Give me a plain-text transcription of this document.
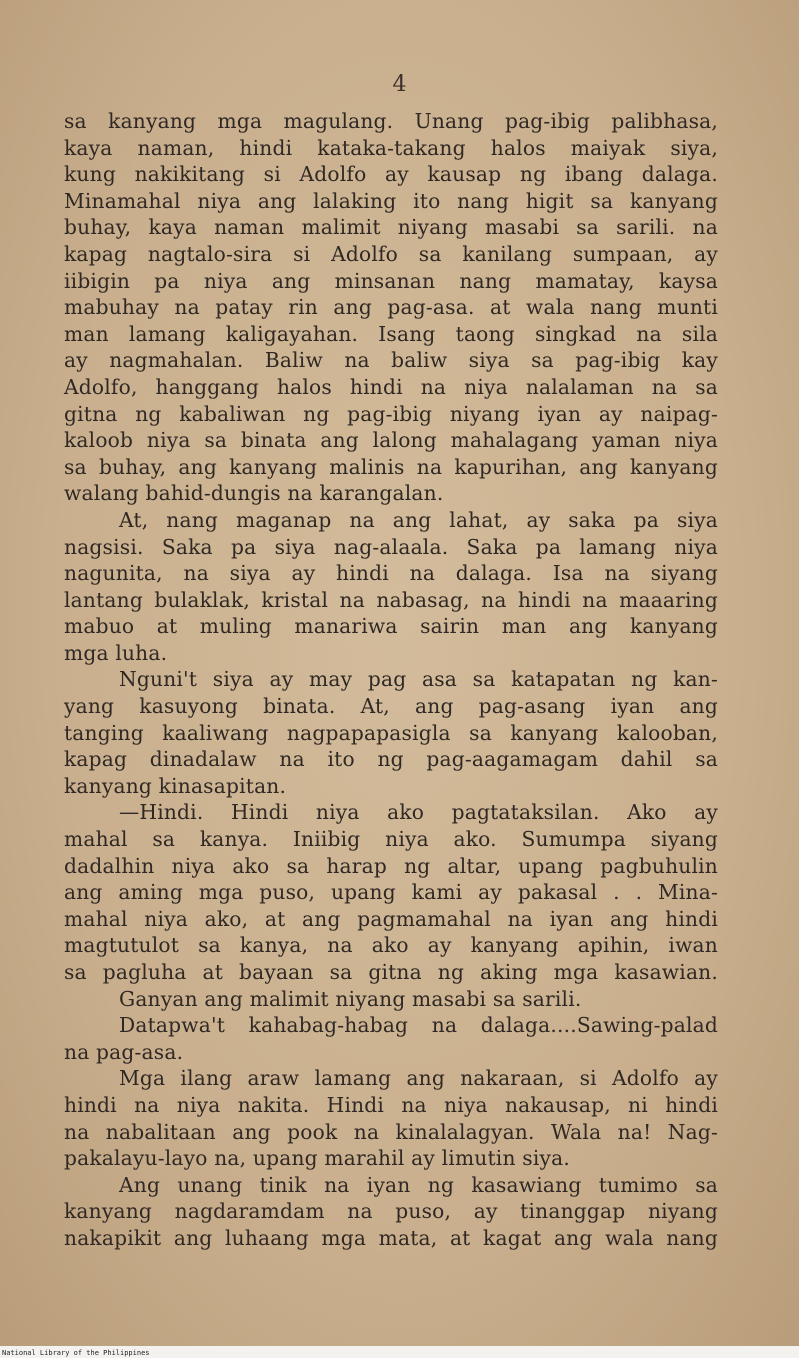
4
sa kanyang mga magulang. Unang pag-ibig palibhasa,
kaya naman, hindi kataka-takang halos maiyak siya,
kung nakikitang si Adolfo ay kausap ng ibang dalaga.
Minamahal niya ang lalaking ito nang higit sa kanyang
buhay, kaya naman malimit niyang masabi sa sarili. na
kapag nagtalo-sira si Adolfo sa kanilang sumpaan, ay
iibigin pa niya ang minsanan nang mamatay, kaysa
mabuhay na patay rin ang pag-asa. at wala nang munti
man lamang kaligayahan. Isang taong singkad na sila
ay nagmahalan. Baliw na baliw siya sa pag-ibig kay
Adolfo, hanggang halos hindi na niya nalalaman na sa
gitna ng kabaliwan ng pag-ibig niyang iyan ay naipag-
kaloob niya sa binata ang lalong mahalagang yaman niya
sa buhay, ang kanyang malinis na kapurihan, ang kanyang
walang bahid-dungis na karangalan.
At, nang maganap na ang lahat, ay saka pa siya
nagsisi. Saka pa siya nag-alaala. Saka pa lamang niya
nagunita, na siya ay hindi na dalaga. Isa na siyang
lantang bulaklak, kristal na nabasag, na hindi na maaaring
mabuo at muling manariwa sairin man ang kanyang
mga luha.
Nguni't siya ay may pag asa sa katapatan ng kan-
yang kasuyong binata. At, ang pag-asang iyan ang
tanging kaaliwang nagpapapasigla sa kanyang kalooban,
kapag dinadalaw na ito ng pag-aagamagam dahil sa
kanyang kinasapitan.
—Hindi. Hindi niya ako pagtataksilan. Ako ay
mahal sa kanya. Iniibig niya ako. Sumumpa siyang
dadalhin niya ako sa harap ng altar, upang pagbuhulin
ang aming mga puso, upang kami ay pakasal . . Mina-
mahal niya ako, at ang pagmamahal na iyan ang hindi
magtutulot sa kanya, na ako ay kanyang apihin, iwan
sa pagluha at bayaan sa gitna ng aking mga kasawian.
Ganyan ang malimit niyang masabi sa sarili.
Datapwa't kahabag-habag na dalaga....Sawing-palad
na pag-asa.
Mga ilang araw lamang ang nakaraan, si Adolfo ay
hindi na niya nakita. Hindi na niya nakausap, ni hindi
na nabalitaan ang pook na kinalalagyan. Wala na! Nag-
pakalayu-layo na, upang marahil ay limutin siya.
Ang unang tinik na iyan ng kasawiang tumimo sa
kanyang nagdaramdam na puso, ay tinanggap niyang
nakapikit ang luhaang mga mata, at kagat ang wala nang
National Library of the Philippines
